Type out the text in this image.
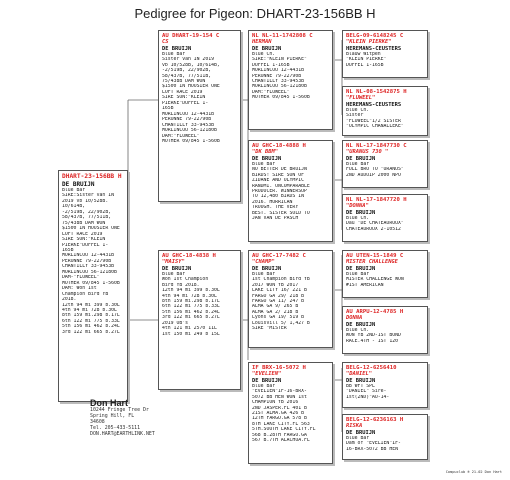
Pedigree for Pigeon: DHART-23-156BB H
DHART-23-156BB H
DE BRUIJN
Blue Bar
SIRE:Sister van IN
2019 vb 10/528B.
10/614B,
-2/519B, 22/902B,
58/437B, 77/511B,
75/438B DAM WON
$1500 IN HOOSIER ONE
LOFT RACE 2019
SIRE SON:"KLEIN
PIERKE"DUFFEL 1-
165B
MORLINCOU 12-4431B
PERONNE 79-22790B
CHANTILLY 33-9453B
MORLINCOU 56-12180B
DAM-"FLUWEEL"
MOTHER 09/845 1-560B
DAM: Won 1st
Champion Bird YB
2018.
12th 94 mi 399 b.30L
4th 94 mi 728 b.30L
8th 159 mi.298 b.17L
6th 122 mi 775 b.33L
5th 156 mi 462 b.24L
3rd 122 mi 665 b.27L
AU DHART-19-154 C
CS
DE BRUIJN
Blue Bar
Sister van IN 2019
vb 10/528B, 10/614B,
-2/519B, 22/902B,
58/437B, 77/511B,
75/438B DAM WON
$1500 IN HOOSIER ONE
LOFT RACE 2019
SIRE SON:"KLEIN
PIERKE"DUFFEL 1-
165B
MORLINCOU 12-4431B
PERONNE 79-22790B
CHANTILLY 33-9453B
MORLINCOU 56-12180B
DAM:"FLUWEEL"
MOTHER 09/845 1-560B
AU GHC-18-4838 H
"MAISY"
DE BRUIJN
Blue Bar
Won 1st Champion
Bird YB 2018.
12th 94 mi 399 b.30L
4th 94 mi 728 b.30L
8th 159 mi.298 b.17L
6th 122 mi 775 b.33L
5th 156 mi 462 b.24L
3rd 122 mi 665 b.27L
2019 OB's
4th 121 mi 2570 11L
1st 150 mi 249 b 15L
NL NL-11-1742808 C
HERMAN
DE BRUIJN
Blue Ch.
SIRE:"KLEIN PIERKE"
DUFFEL 1-165B
MORLINCOU 12-4431B
PERONNE 79-22790B
CHANTILLY 33-9453B
MORLINCOU 56-12180B
DAM:"FLUWEEL"
MOTHER 09/845 1-560B
AU GHC-18-4888 H
"DK BBM"
DE BRUIJN
Blue Bar
NO BETTER DE BRUIJN
BIRDS! SIRE SON OF
ZIDANE AND OLYMPIC
RANDMI. UNCOMPARABLE
PRODUCER. WINNERSUP
TO 12,480 BIRDS IN
2016. HURRICAN
TROUGH. THE VERY
BEST. SISTER SOLD TO
JAN VAN DE PASCH
AU GHC-17-7482 C
"CHAMP"
DE BRUIJN
Blue Bar
1st Champion Bird YB
2017 WON YB 2017
LAKE CITY 16/ 221 B
FARGO GA 29/ 218 B
FARGO GA 11/ 247 B
ALMA GA 9/ 265 B
ALMA GA 2/ 218 B
Lyons GA 19/ 519 B
Louisvill 5/ 1,427 B
SIRE "MISTER
IF BRX-16-5072 H
"EVELIEN"
DE BRUIJN
Blue Bar
"EVELIEN"IF-16-BRX-
5072 BB HEN WON 1st
CHAMPION YB 2016
2ND JASPER.FL 401 B
21ST ALMA.GA 426 B
12TH FARGO.GA 578 B
8TH LAKE CITY.FL 563
5TH.SOUTH LAKE CITY.FL
568 B.28TH FARGO.GA
567 B.7TH ALACHUA.FL
BELG-09-6148245 C
"KLEIN PIERKE"
HEREMANS-CEUSTERS
Blauw Witpen
"KLEIN PIERKE"
DUFFEL 1-165B
NL NL-08-1542875 H
"FLUWEEL"
HEREMANS-CEUSTERS
Blue Ch.
Sister
"FLUWEEL"1/2 SISTER
"OLYMPIC CHANALLEKE"
NL NL-17-1847730 C
"URANUS 730 "
DE BRUIJN
Blue Bar
FULL BRO TO "URANUS"
2ND AUDUIP 2000 NPO
NL NL-17-1847720 H
"DONNA"
DE BRUIJN
Blue Ch.
Dau "DE CHATEAUROUX"
CHATEAUROUX 2-10512
AU UTEN-15-1849 C
MISTER CHALLENGE
DE BRUIJN
Blue Bar
MISTER CHALLENGE WON
#1ST AMERICAN
AU ARPU-12-4785 H
DONNA
DE BRUIJN
Blue Ch.
WON YB 2ND-1ST BOND
RACE.4TH - 1ST 120
BELG-12-6256410
"DANIEL"
DE BRUIJN
BB WFT SPL
"DANIEL" Sire-
1st(2ND)"AU-14-
BELG-12-6236163 H
RISKA
DE BRUIJN
Blue Bar
Dam of "EVELIEN"IF-
16-BRX-5072 BB HEN
Don Hart
10244 Fringe Tree Dr
Spring Hill, FL
34608
Tel. 205-433-5111
DON.HART@EARTHLINK.NET
Compuclub ® 21-02 Don Hart
